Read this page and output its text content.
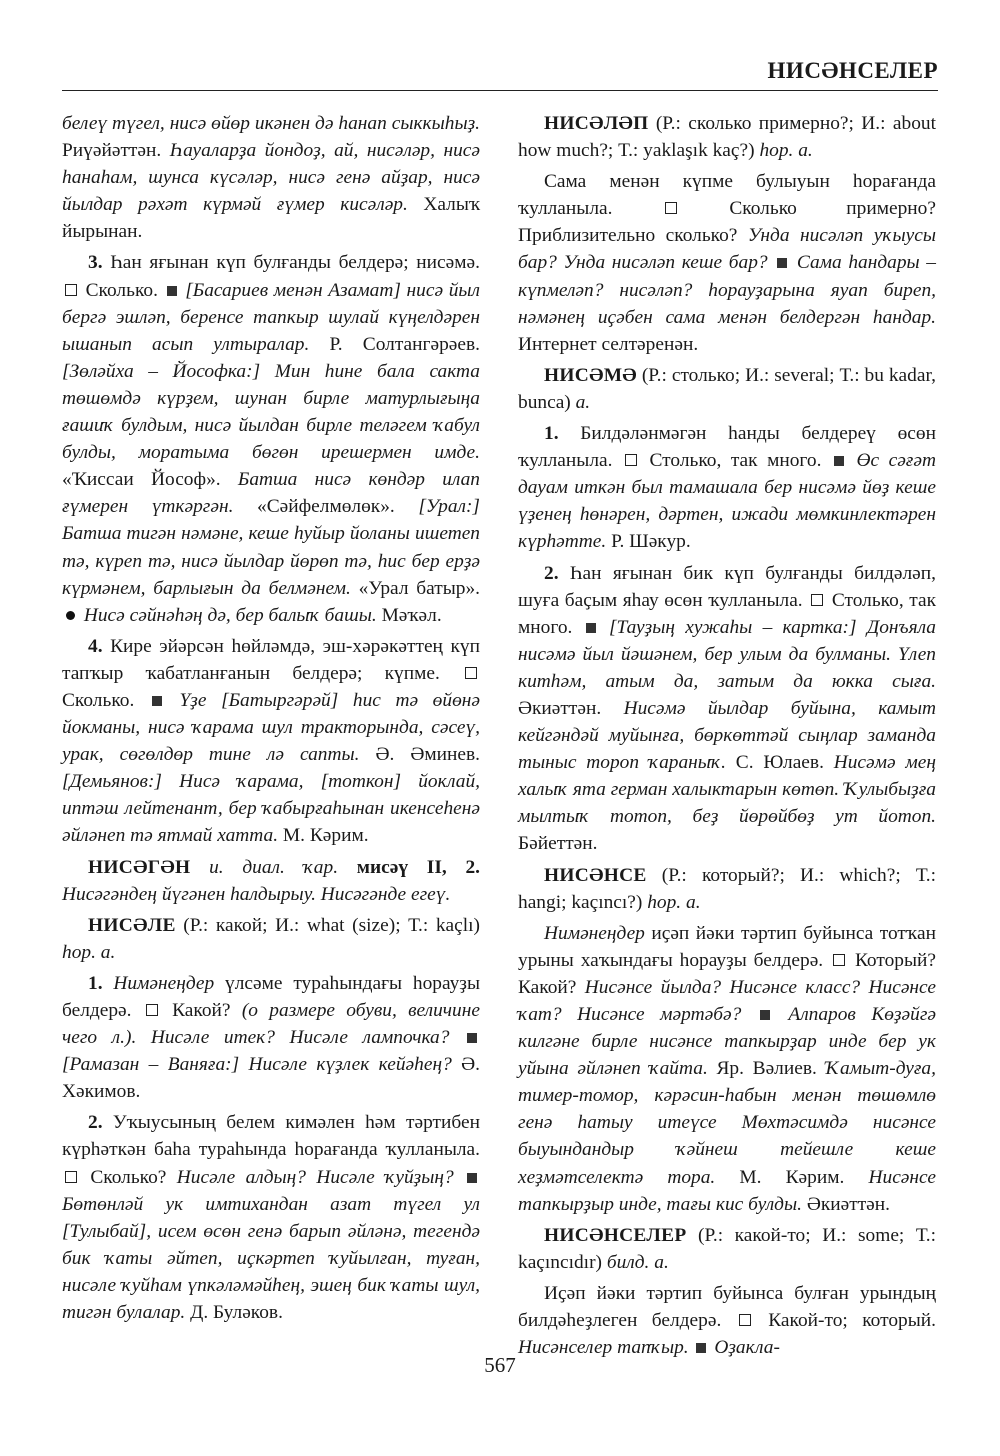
НИСӘНСЕЛЕР

белеү түгел, нисә өйөр икәнен дә һанап сыккыһыҙ. Риүәйәттән. Һауаларҙа йондоҙ, ай, нисәләр, нисә һанаһам, шунса күсәләр, нисә генә айҙар, нисә йылдар рәхәт күрмәй ғүмер кисәләр. Халыҡ йырынан.

3. Һан яғынан күп булғанды белдерә; нисәмә.  Сколько.  [Басариев менән Азамат] нисә йыл бергә эшләп, беренсе тапкыр шулай күңелдәрен ышанып асып ултыралар. Р. Солтангәрәев. [Зөләйха – Йософка:] Мин һине бала сакта төшөмдә күрҙем, шунан бирле матурлығыңа ғашиҡ булдым, нисә йылдан бирле теләгем ҡабул булды, моратыма бөгөн ирешермен имде. «Ҡиссаи Йософ». Батша нисә көндәр илап ғүмерен үткәргән. «Сәйфелмөлөк». [Урал:] Батша тигән нәмәне, кеше һуйыр йоланы ишетеп тә, күреп тә, нисә йылдар йөрөп тә, һис бер ерҙә күрмәнем, барлығын да белмәнем. «Урал батыр».  Нисә сәйнәһәң дә, бер балыҡ башы. Мәҡәл.

4. Кире эйәрсән һөйләмдә, эш-хәрәкәттең күп тапҡыр ҡабатланғанын белдерә; күпме.  Сколько.  Үҙе [Батыргәрәй] һис тә өйөнә йокманы, нисә ҡарама шул тракторында, сәсеү, урак, сөгөлдөр тине лә сапты. Ә. Әминев. [Демьянов:] Нисә ҡарама, [тоткон] йоклай, иптәш лейтенант, бер ҡабырғаһынан икенсеһенә әйләнеп тә ятмай хатта. М. Кәрим.

НИСӘГӘН и. диал. ҡар. мисәү II, 2. Нисәгәндең йүгәнен һалдырыу. Нисәгәнде егеү.

НИСӘЛЕ (Р.: какой; И.: what (size); Т.: kaçlı) һор. а.

1. Нимәнеңдер үлсәме тураһындағы һорауҙы белдерә.  Какой? (о размере обуви, величине чего л.). Нисәле итек? Нисәле лампочка?  [Рамазан – Ваняға:] Нисәле күҙлек кейәһең? Ә. Хәкимов.

2. Уҡыусының белем кимәлен һәм тәртибен күрһәткән баһа тураһында һорағанда ҡулланыла.  Сколько? Нисәле алдың? Нисәле ҡуйҙың?  Бөтөнләй ук имтихандан азат түгел ул [Тулыбай], исем өсөн генә барып әйләнә, тегендә бик ҡаты әйтеп, иҫкәртеп ҡуйылған, туған, нисәле ҡуйһам үпкәләмәйһең, эшең бик ҡаты шул, тигән булалар. Д. Буләков.

НИСӘЛӘП (Р.: сколько примерно?; И.: about how much?; Т.: yaklaşık kaç?) һор. а.

Сама менән күпме булыуын һорағанда ҡулланыла.	Сколько примерно? Приблизительно сколько? Унда нисәләп уҡыусы бар? Унда нисәләп кеше бар?  Сама һандары – күпмеләп? нисәләп? һорауҙарына яуап биреп, нәмәнең иҫәбен сама менән белдергән һандар. Интернет селтәренән.

НИСӘМӘ (Р.: столько; И.: several; Т.: bu kadar, bunca) а.

1. Билдәләнмәгән һанды белдереү өсөн ҡулланыла.  Столько, так много.  Өс сәғәт дауам иткән был тамашала бер нисәмә йөҙ кеше үҙенең һөнәрен, дәртен, ижади мөмкинлектәрен күрһәтте. Р. Шәкур.

2. Һан яғынан бик күп булғанды билдәләп, шуға баҫым яһау өсөн ҡулланыла.  Столько, так много.  [Тауҙың хужаһы – картка:] Донъяла нисәмә йыл йәшәнем, бер улым да булманы. Үлеп китһәм, атым да, затым да юкка сыға. Әкиәттән. Нисәмә йылдар буйына, камыт кейгәндәй муйынға, бөркөттәй сыңлар заманда тыныс тороп ҡараныҡ. С. Юлаев. Нисәмә мең халыҡ ята герман халыктарын көтөп. Ҡулыбыҙға мылтыҡ тотоп, беҙ йөрөйбөҙ ут йотоп. Бәйеттән.

НИСӘНСЕ (Р.: который?; И.: which?; Т.: hangi; kaçıncı?) һор. а.

Нимәнеңдер иҫәп йәки тәртип буйынса тотҡан урыны хаҡындағы һорауҙы белдерә.  Который? Какой? Нисәнсе йылда? Нисәнсе класс? Нисәнсе ҡат? Нисәнсе мәртәбә?  Алпаров Көҙәйгә килгәне бирле нисәнсе тапкырҙар инде бер ук уйына әйләнеп ҡайта. Яр. Вәлиев. Ҡамыт-дуға, тимер-томор, кәрәсин-һабын менән төшөмлө генә һатыу итеүсе Мөхтәсимдә нисәнсе быуындандыр ҡәйнеш тейешле кеше хеҙмәтселектә тора. М. Кәрим. Нисәнсе тапкырҙыр инде, тағы кис булды. Әкиәттән.

НИСӘНСЕЛЕР (Р.: какой-то; И.: some; Т.: kaçıncıdır) билд. а.

Иҫәп йәки тәртип буйынса булған урындың билдәһеҙлеген белдерә.  Какой-то; который. Нисәнселер тапҡыр.  Оҙакла-

567
